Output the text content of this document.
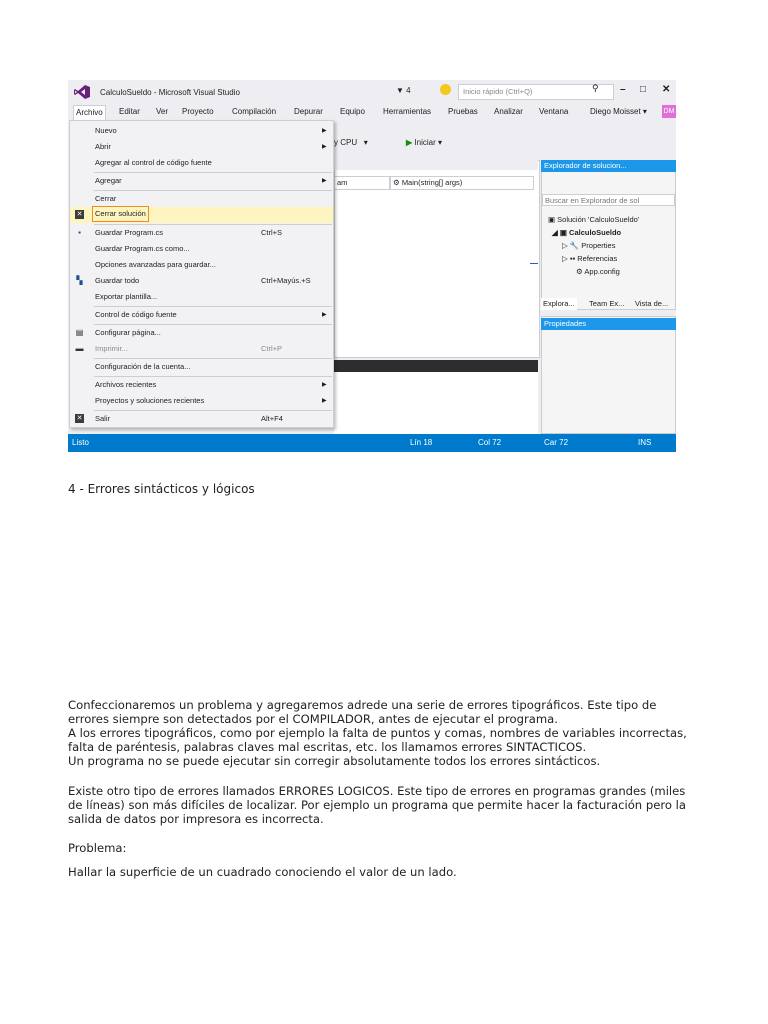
CalculoSueldo - Microsoft Visual Studio	▼ 4	Inicio rápido (Ctrl+Q)	⚲ – □ ✕
Archivo	Editar Ver Proyecto Compilación Depurar Equipo Herramientas Pruebas Analizar Ventana	Diego Moisset ▾ DM
y CPU   ▾	▶ Iniciar ▾
am	⚙ Main(string[] args)
Explorador de solucion...
Buscar en Explorador de sol
▣ Solución 'CalculoSueldo'
◢ ▣ CalculoSueldo
▷ 🔧 Properties
▷ ▪▪ Referencias
⚙ App.config
Explora... Team Ex... Vista de...
Propiedades
Listo	Lín 18	Col 72	Car 72	INS
Nuevo	▶
Abrir	▶
Agregar al control de código fuente
Agregar	▶
Cerrar
✕	Cerrar solución
▪	Guardar Program.cs	Ctrl+S
Guardar Program.cs como...
Opciones avanzadas para guardar...
▚ Guardar todo	Ctrl+Mayús.+S
Exportar plantilla...
Control de código fuente	▶
▤ Configurar página...
▬ Imprimir...	Ctrl+P
Configuración de la cuenta...
Archivos recientes	▶
Proyectos y soluciones recientes	▶
✕ Salir	Alt+F4
4 - Errores sintácticos y lógicos

Confeccionaremos un problema y agregaremos adrede una serie de errores tipográficos. Este tipo de
errores siempre son detectados por el COMPILADOR, antes de ejecutar el programa.
A los errores tipográficos, como por ejemplo la falta de puntos y comas, nombres de variables incorrectas,
falta de paréntesis, palabras claves mal escritas, etc. los llamamos errores SINTACTICOS.
Un programa no se puede ejecutar sin corregir absolutamente todos los errores sintácticos.

Existe otro tipo de errores llamados ERRORES LOGICOS. Este tipo de errores en programas grandes (miles
de líneas) son más difíciles de localizar. Por ejemplo un programa que permite hacer la facturación pero la
salida de datos por impresora es incorrecta.

Problema:

Hallar la superficie de un cuadrado conociendo el valor de un lado.
